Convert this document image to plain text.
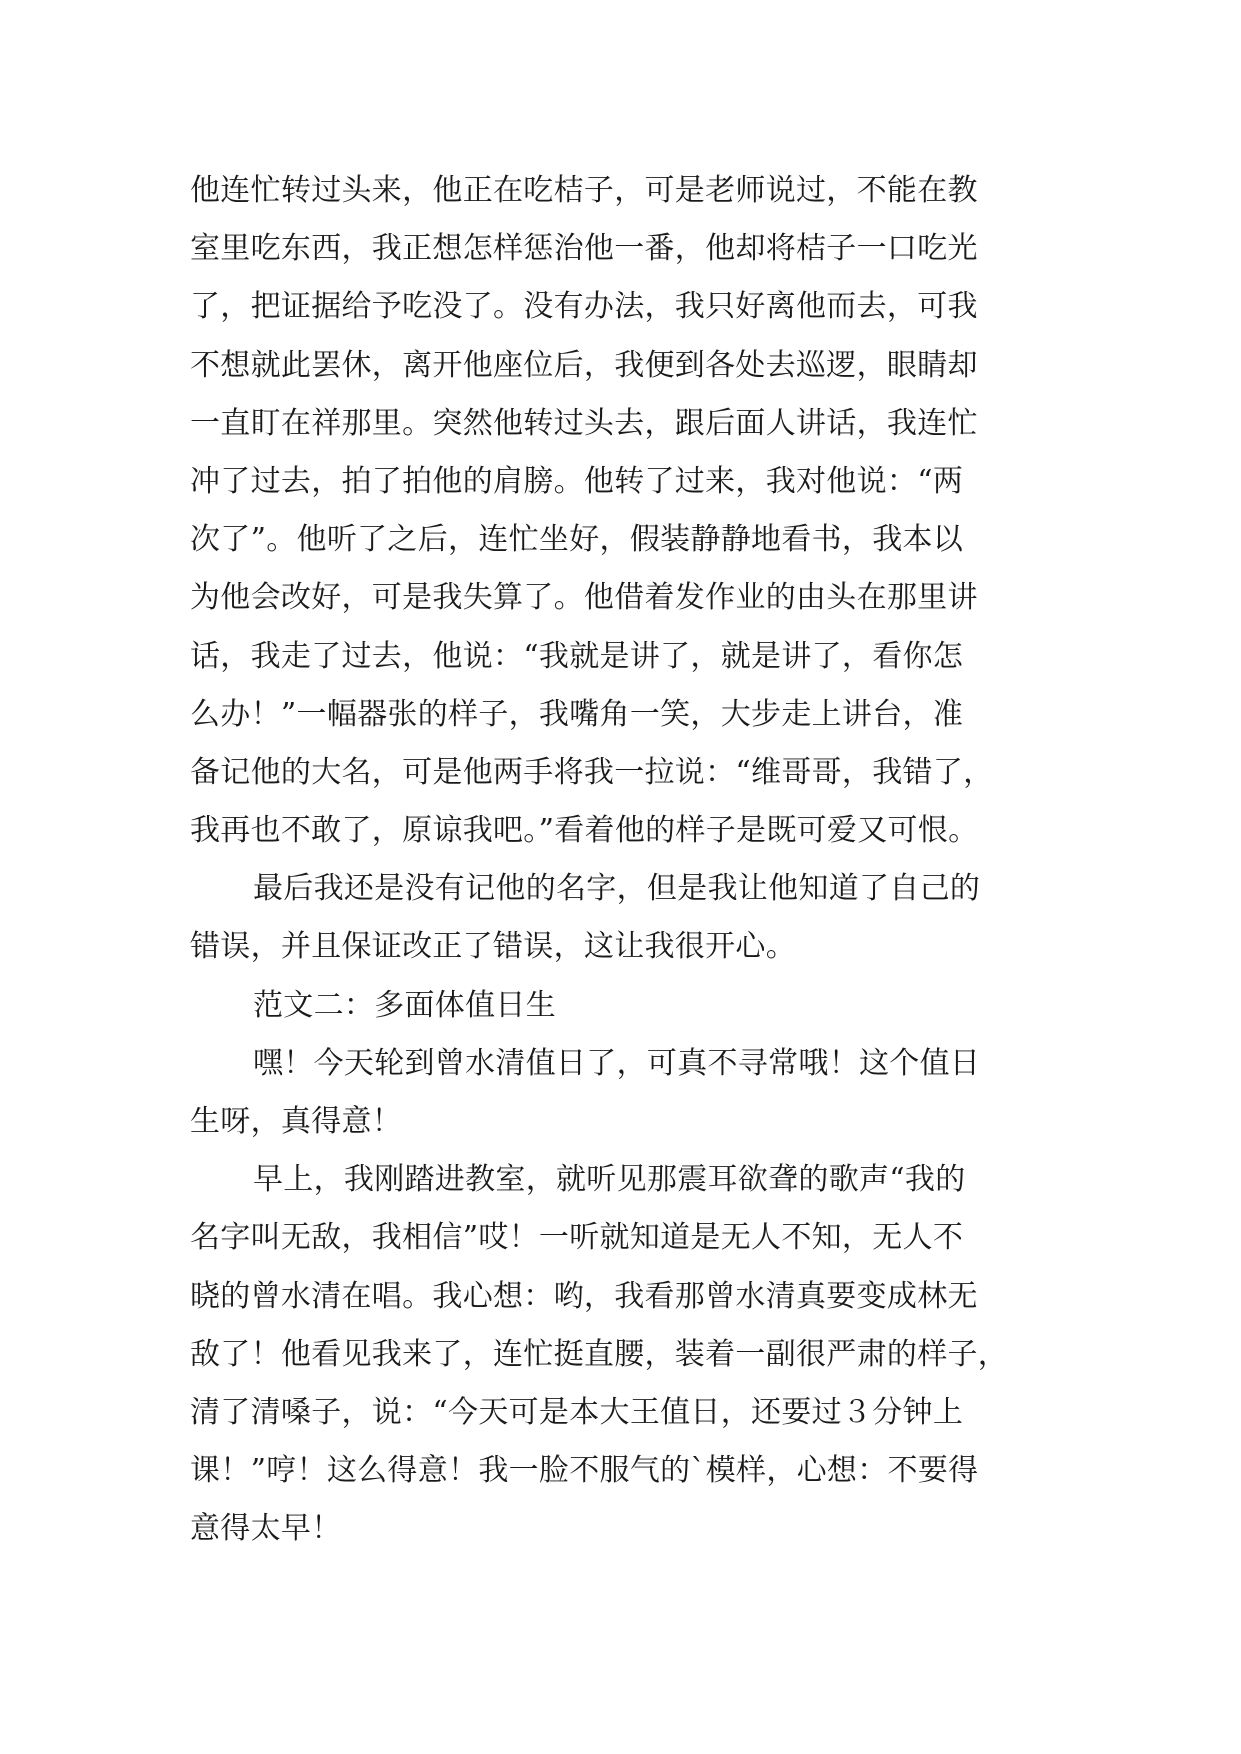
他连忙转过头来，他正在吃桔子，可是老师说过，不能在教
室里吃东西，我正想怎样惩治他一番，他却将桔子一口吃光
了，把证据给予吃没了。没有办法，我只好离他而去，可我
不想就此罢休，离开他座位后，我便到各处去巡逻，眼睛却
一直盯在祥那里。突然他转过头去，跟后面人讲话，我连忙
冲了过去，拍了拍他的肩膀。他转了过来，我对他说：“两
次了”。他听了之后，连忙坐好，假装静静地看书，我本以
为他会改好，可是我失算了。他借着发作业的由头在那里讲
话，我走了过去，他说：“我就是讲了，就是讲了，看你怎
么办！”一幅器张的样子，我嘴角一笑，大步走上讲台，准
备记他的大名，可是他两手将我一拉说：“维哥哥，我错了，
我再也不敢了，原谅我吧。”看着他的样子是既可爱又可恨。
最后我还是没有记他的名字，但是我让他知道了自己的
错误，并且保证改正了错误，这让我很开心。
范文二：多面体值日生
嘿！今天轮到曾水清值日了，可真不寻常哦！这个值日
生呀，真得意！
早上，我刚踏进教室，就听见那震耳欲聋的歌声“我的
名字叫无敌，我相信”哎！一听就知道是无人不知，无人不
晓的曾水清在唱。我心想：哟，我看那曾水清真要变成林无
敌了！他看见我来了，连忙挺直腰，装着一副很严肃的样子，
清了清嗓子，说：“今天可是本大王值日，还要过３分钟上
课！”哼！这么得意！我一脸不服气的`模样，心想：不要得
意得太早！
